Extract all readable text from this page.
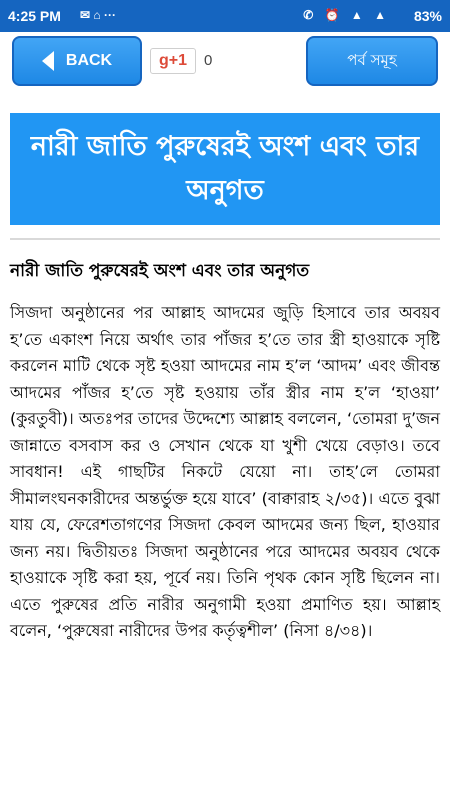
4:25 PM ✉ ⌂ ···	✆ ⏰ ▲ ▲ 83%
BACK	g+1	0	পর্ব সমূহ
নারী জাতি পুরুষেরই অংশ এবং তার অনুগত
নারী জাতি পুরুষেরই অংশ এবং তার অনুগত
সিজদা অনুষ্ঠানের পর আল্লাহ আদমের জুড়ি হিসাবে তার অবয়ব হ’তে একাংশ নিয়ে অর্থাৎ তার পাঁজর হ’তে তার স্ত্রী হাওয়াকে সৃষ্টি করলেন মাটি থেকে সৃষ্ট হওয়া আদমের নাম হ’ল ‘আদম’ এবং জীবন্ত আদমের পাঁজর হ’তে সৃষ্ট হওয়ায় তাঁর স্ত্রীর নাম হ’ল ‘হাওয়া’ (কুরতুবী)। অতঃপর তাদের উদ্দেশ্যে আল্লাহ বললেন, ‘তোমরা দু’জন জান্নাতে বসবাস কর ও সেখান থেকে যা খুশী খেয়ে বেড়াও। তবে সাবধান! এই গাছটির নিকটে যেয়ো না। তাহ’লে তোমরা সীমালংঘনকারীদের অন্তর্ভুক্ত হয়ে যাবে’ (বাক্বারাহ ২/৩৫)। এতে বুঝা যায় যে, ফেরেশতাগণের সিজদা কেবল আদমের জন্য ছিল, হাওয়ার জন্য নয়। দ্বিতীয়তঃ সিজদা অনুষ্ঠানের পরে আদমের অবয়ব থেকে হাওয়াকে সৃষ্টি করা হয়, পূর্বে নয়। তিনি পৃথক কোন সৃষ্টি ছিলেন না। এতে পুরুষের প্রতি নারীর অনুগামী হওয়া প্রমাণিত হয়। আল্লাহ বলেন, ‘পুরুষেরা নারীদের উপর কর্তৃত্বশীল’ (নিসা ৪/৩৪)।
